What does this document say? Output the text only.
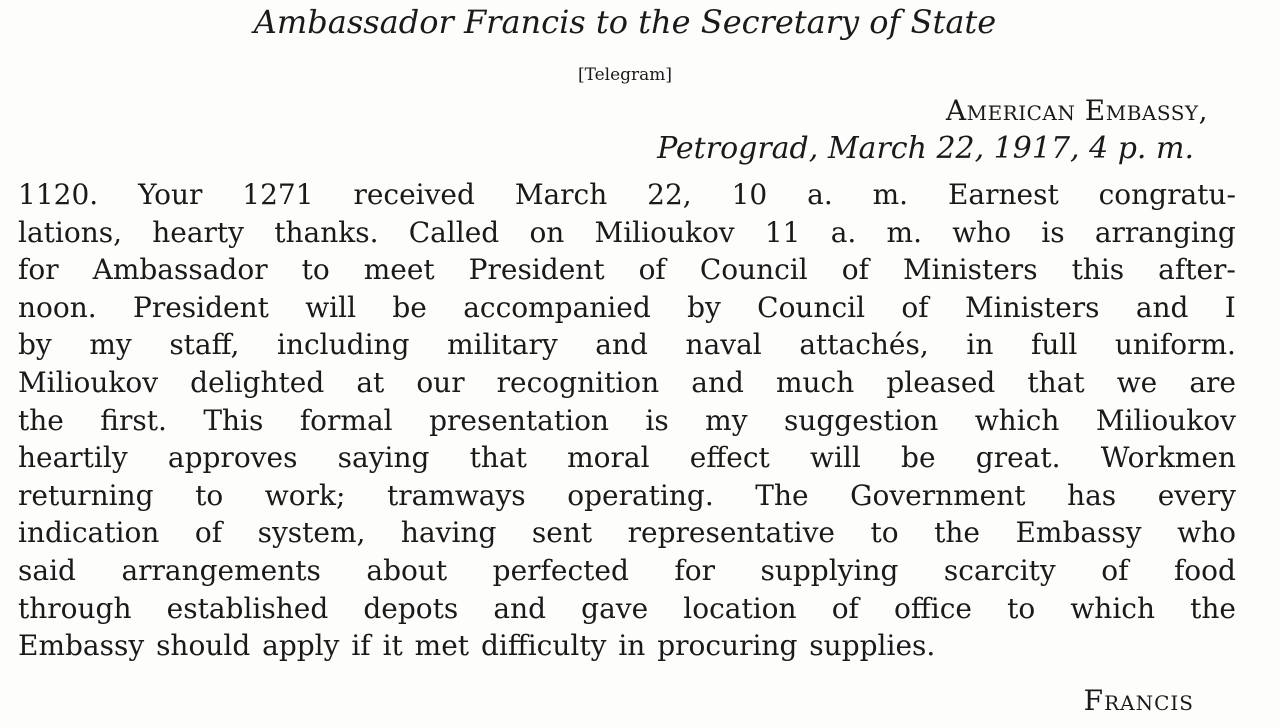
Ambassador Francis to the Secretary of State
[Telegram]
American Embassy,
Petrograd, March 22, 1917, 4 p. m.
1120. Your 1271 received March 22, 10 a. m. Earnest congratu-
lations, hearty thanks. Called on Milioukov 11 a. m. who is arranging
for Ambassador to meet President of Council of Ministers this after-
noon. President will be accompanied by Council of Ministers and I
by my staff, including military and naval attachés, in full uniform.
Milioukov delighted at our recognition and much pleased that we are
the first. This formal presentation is my suggestion which Milioukov
heartily approves saying that moral effect will be great. Workmen
returning to work; tramways operating. The Government has every
indication of system, having sent representative to the Embassy who
said arrangements about perfected for supplying scarcity of food
through established depots and gave location of office to which the
Embassy should apply if it met difficulty in procuring supplies.
Francis
